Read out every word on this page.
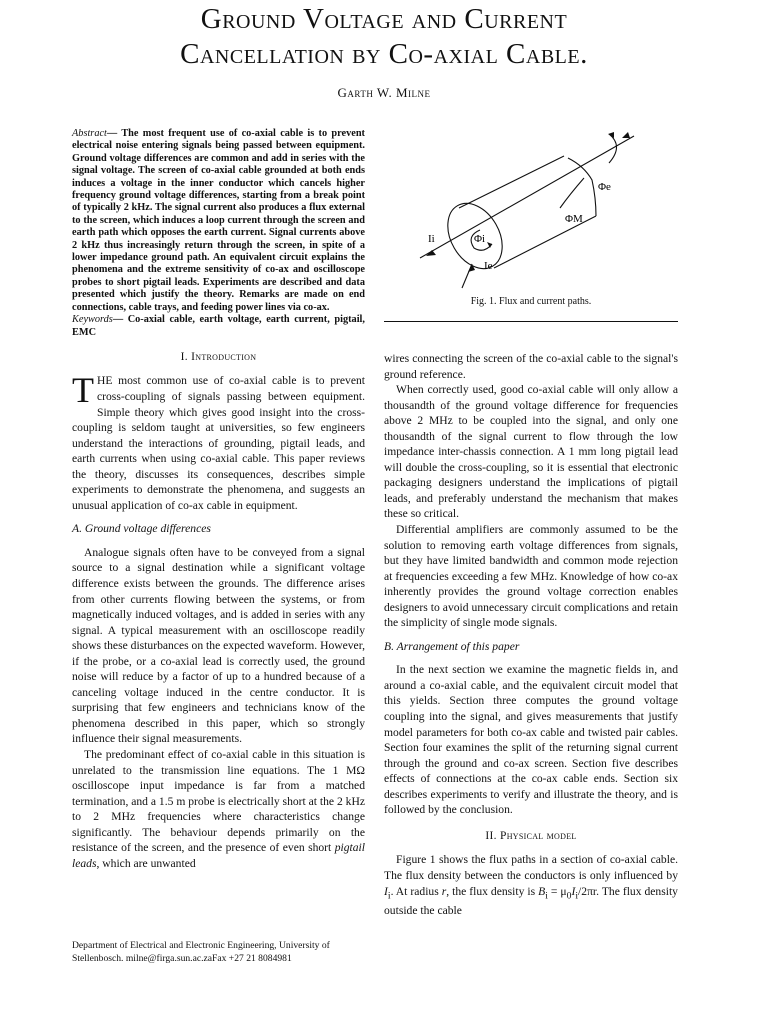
Ground Voltage and Current
Cancellation by Co-axial Cable.
Garth W. Milne

Abstract— The most frequent use of co-axial cable is to prevent electrical noise entering signals being passed between equipment. Ground voltage differences are common and add in series with the signal voltage. The screen of co-axial cable grounded at both ends induces a voltage in the inner conductor which cancels higher frequency ground voltage differences, starting from a break point of typically 2 kHz. The signal current also produces a flux external to the screen, which induces a loop current through the screen and earth path which opposes the earth current. Signal currents above 2 kHz thus increasingly return through the screen, in spite of a lower impedance ground path. An equivalent circuit explains the phenomena and the extreme sensitivity of co-ax and oscilloscope probes to short pigtail leads. Experiments are described and data presented which justify the theory. Remarks are made on end connections, cable trays, and feeding power lines via co-ax.

Keywords— Co-axial cable, earth voltage, earth current, pigtail, EMC

I. Introduction

THE most common use of co-axial cable is to prevent cross-coupling of signals passing between equipment. Simple theory which gives good insight into the cross-coupling is seldom taught at universities, so few engineers understand the interactions of grounding, pigtail leads, and earth currents when using co-axial cable. This paper reviews the theory, discusses its consequences, describes simple experiments to demonstrate the phenomena, and suggests an unusual application of co-ax cable in equipment.

A. Ground voltage differences

Analogue signals often have to be conveyed from a signal source to a signal destination while a significant voltage difference exists between the grounds. The difference arises from other currents flowing between the systems, or from magnetically induced voltages, and is added in series with any signal. A typical measurement with an oscilloscope readily shows these disturbances on the expected waveform. However, if the probe, or a co-axial lead is correctly used, the ground noise will reduce by a factor of up to a hundred because of a canceling voltage induced in the centre conductor. It is surprising that few engineers and technicians know of the phenomena described in this paper, which so strongly influence their signal measurements.

The predominant effect of co-axial cable in this situation is unrelated to the transmission line equations. The 1 MΩ oscilloscope input impedance is far from a matched termination, and a 1.5 m probe is electrically short at the 2 kHz to 2 MHz frequencies where characteristics change significantly. The behaviour depends primarily on the resistance of the screen, and the presence of even short pigtail leads, which are unwanted

Department of Electrical and Electronic Engineering, University of Stellenbosch. milne@firga.sun.ac.zaFax +27 21 8084981
Φe
ΦM
Φi
Ii
Ie
Fig. 1. Flux and current paths.

wires connecting the screen of the co-axial cable to the signal's ground reference.

When correctly used, good co-axial cable will only allow a thousandth of the ground voltage difference for frequencies above 2 MHz to be coupled into the signal, and only one thousandth of the signal current to flow through the low impedance inter-chassis connection. A 1 mm long pigtail lead will double the cross-coupling, so it is essential that electronic packaging designers understand the implications of pigtail leads, and preferably understand the mechanism that makes these so critical.

Differential amplifiers are commonly assumed to be the solution to removing earth voltage differences from signals, but they have limited bandwidth and common mode rejection at frequencies exceeding a few MHz. Knowledge of how co-ax inherently provides the ground voltage correction enables designers to avoid unnecessary circuit complications and retain the simplicity of single mode signals.

B. Arrangement of this paper

In the next section we examine the magnetic fields in, and around a co-axial cable, and the equivalent circuit model that this yields. Section three computes the ground voltage coupling into the signal, and gives measurements that justify model parameters for both co-ax cable and twisted pair cables. Section four examines the split of the returning signal current through the ground and co-ax screen. Section five describes effects of connections at the co-ax cable ends. Section six describes experiments to verify and illustrate the theory, and is followed by the conclusion.

II. Physical model

Figure 1 shows the flux paths in a section of co-axial cable. The flux density between the conductors is only influenced by $I_i$. At radius r, the flux density is $B_i = \mu_0I_i/2\pi r$. The flux density outside the cable
